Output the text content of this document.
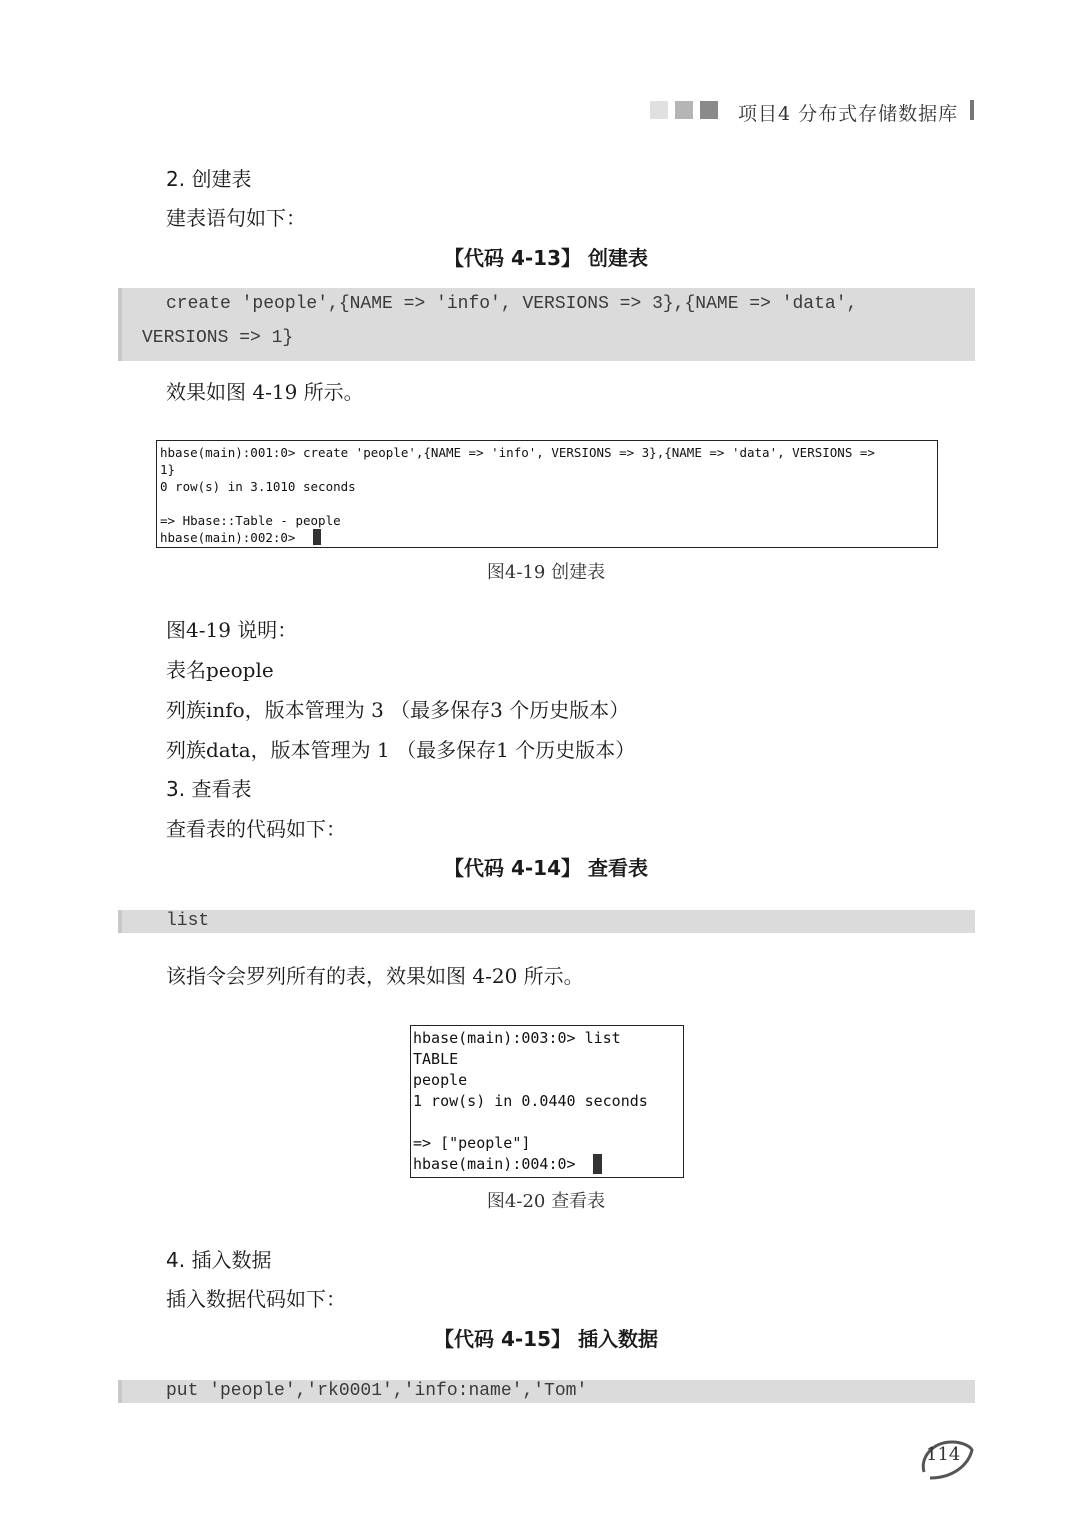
项目4 分布式存储数据库
2. 创建表
建表语句如下：
【代码 4-13】 创建表
create 'people',{NAME => 'info', VERSIONS => 3},{NAME => 'data',
VERSIONS => 1}
效果如图 4-19 所示。
hbase(main):001:0> create 'people',{NAME => 'info', VERSIONS => 3},{NAME => 'data', VERSIONS =>
1}
0 row(s) in 3.1010 seconds
=> Hbase::Table - people
hbase(main):002:0>
图4-19 创建表
图4-19 说明：
表名people
列族info，版本管理为 3 （最多保存3 个历史版本）
列族data，版本管理为 1 （最多保存1 个历史版本）
3. 查看表
查看表的代码如下：
【代码 4-14】 查看表
list
该指令会罗列所有的表，效果如图 4-20 所示。
hbase(main):003:0> list
TABLE
people
1 row(s) in 0.0440 seconds
=> ["people"]
hbase(main):004:0>
图4-20 查看表
4. 插入数据
插入数据代码如下：
【代码 4-15】 插入数据
put 'people','rk0001','info:name','Tom'
114
